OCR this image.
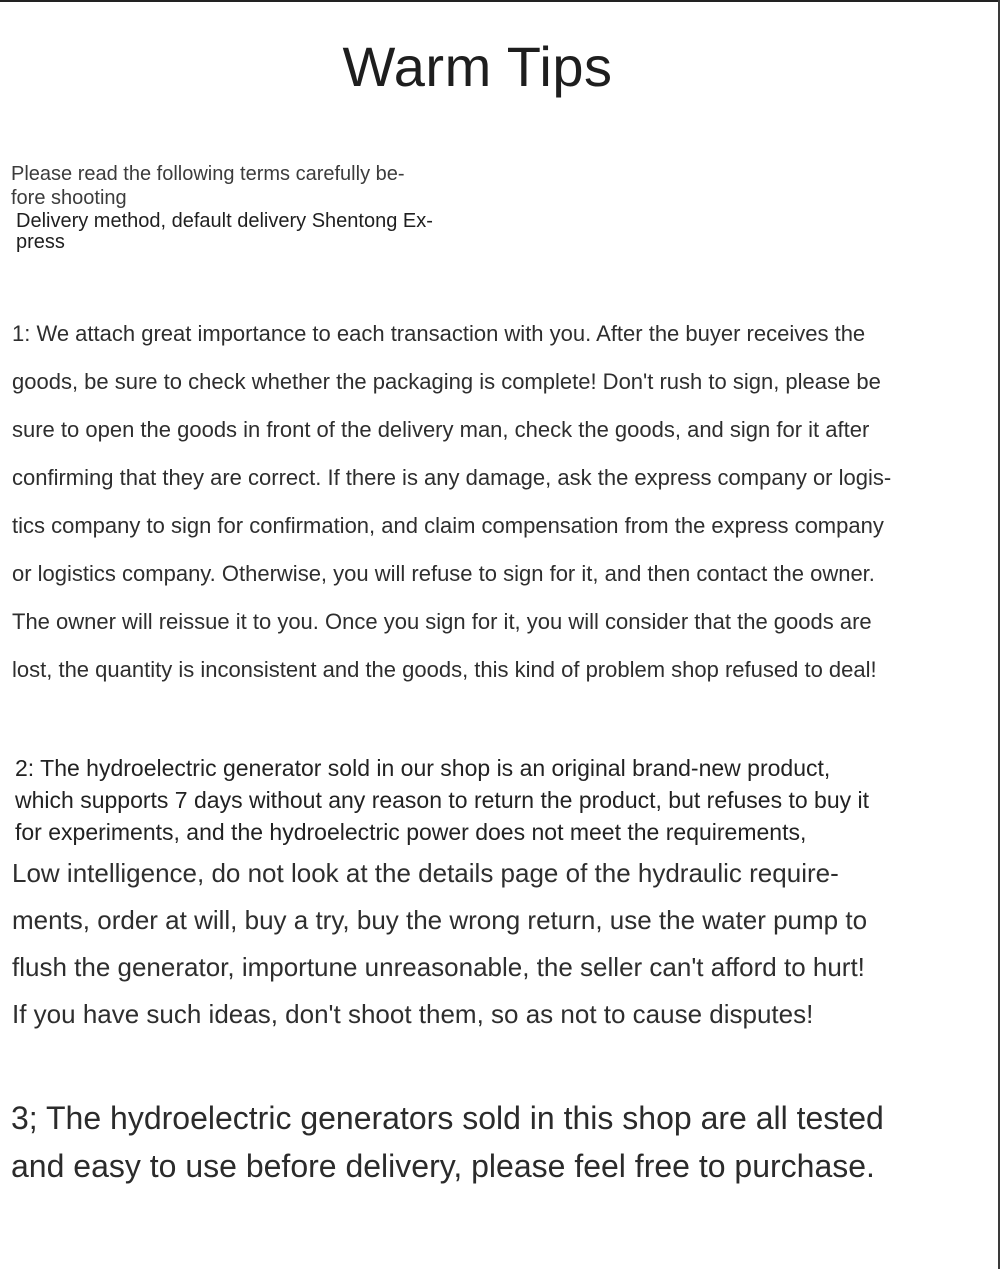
Warm Tips
Please read the following terms carefully be-
fore shooting
Delivery method, default delivery Shentong Ex-
press
1: We attach great importance to each transaction with you. After the buyer receives the
goods, be sure to check whether the packaging is complete! Don't rush to sign, please be
sure to open the goods in front of the delivery man, check the goods, and sign for it after
confirming that they are correct. If there is any damage, ask the express company or logis-
tics company to sign for confirmation, and claim compensation from the express company
or logistics company. Otherwise, you will refuse to sign for it, and then contact the owner.
The owner will reissue it to you. Once you sign for it, you will consider that the goods are
lost, the quantity is inconsistent and the goods, this kind of problem shop refused to deal!
2: The hydroelectric generator sold in our shop is an original brand-new product,
which supports 7 days without any reason to return the product, but refuses to buy it
for experiments, and the hydroelectric power does not meet the requirements,
Low intelligence, do not look at the details page of the hydraulic require-
ments, order at will, buy a try, buy the wrong return, use the water pump to
flush the generator, importune unreasonable, the seller can't afford to hurt!
If you have such ideas, don't shoot them, so as not to cause disputes!
3; The hydroelectric generators sold in this shop are all tested
and easy to use before delivery, please feel free to purchase.
